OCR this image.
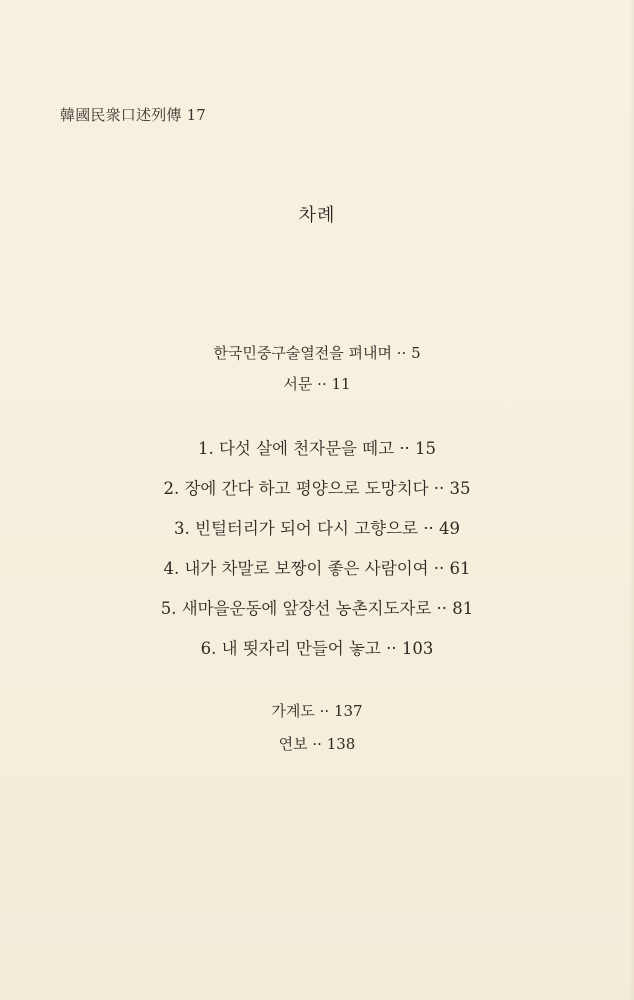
韓國民衆口述列傳 17
차례
한국민중구술열전을 펴내며 ·· 5
서문 ·· 11
1. 다섯 살에 천자문을 떼고 ·· 15
2. 장에 간다 하고 평양으로 도망치다 ·· 35
3. 빈털터리가 되어 다시 고향으로 ·· 49
4. 내가 차말로 보짱이 좋은 사람이여 ·· 61
5. 새마을운동에 앞장선 농촌지도자로 ·· 81
6. 내 뙷자리 만들어 놓고 ·· 103
가계도 ·· 137
연보 ·· 138
